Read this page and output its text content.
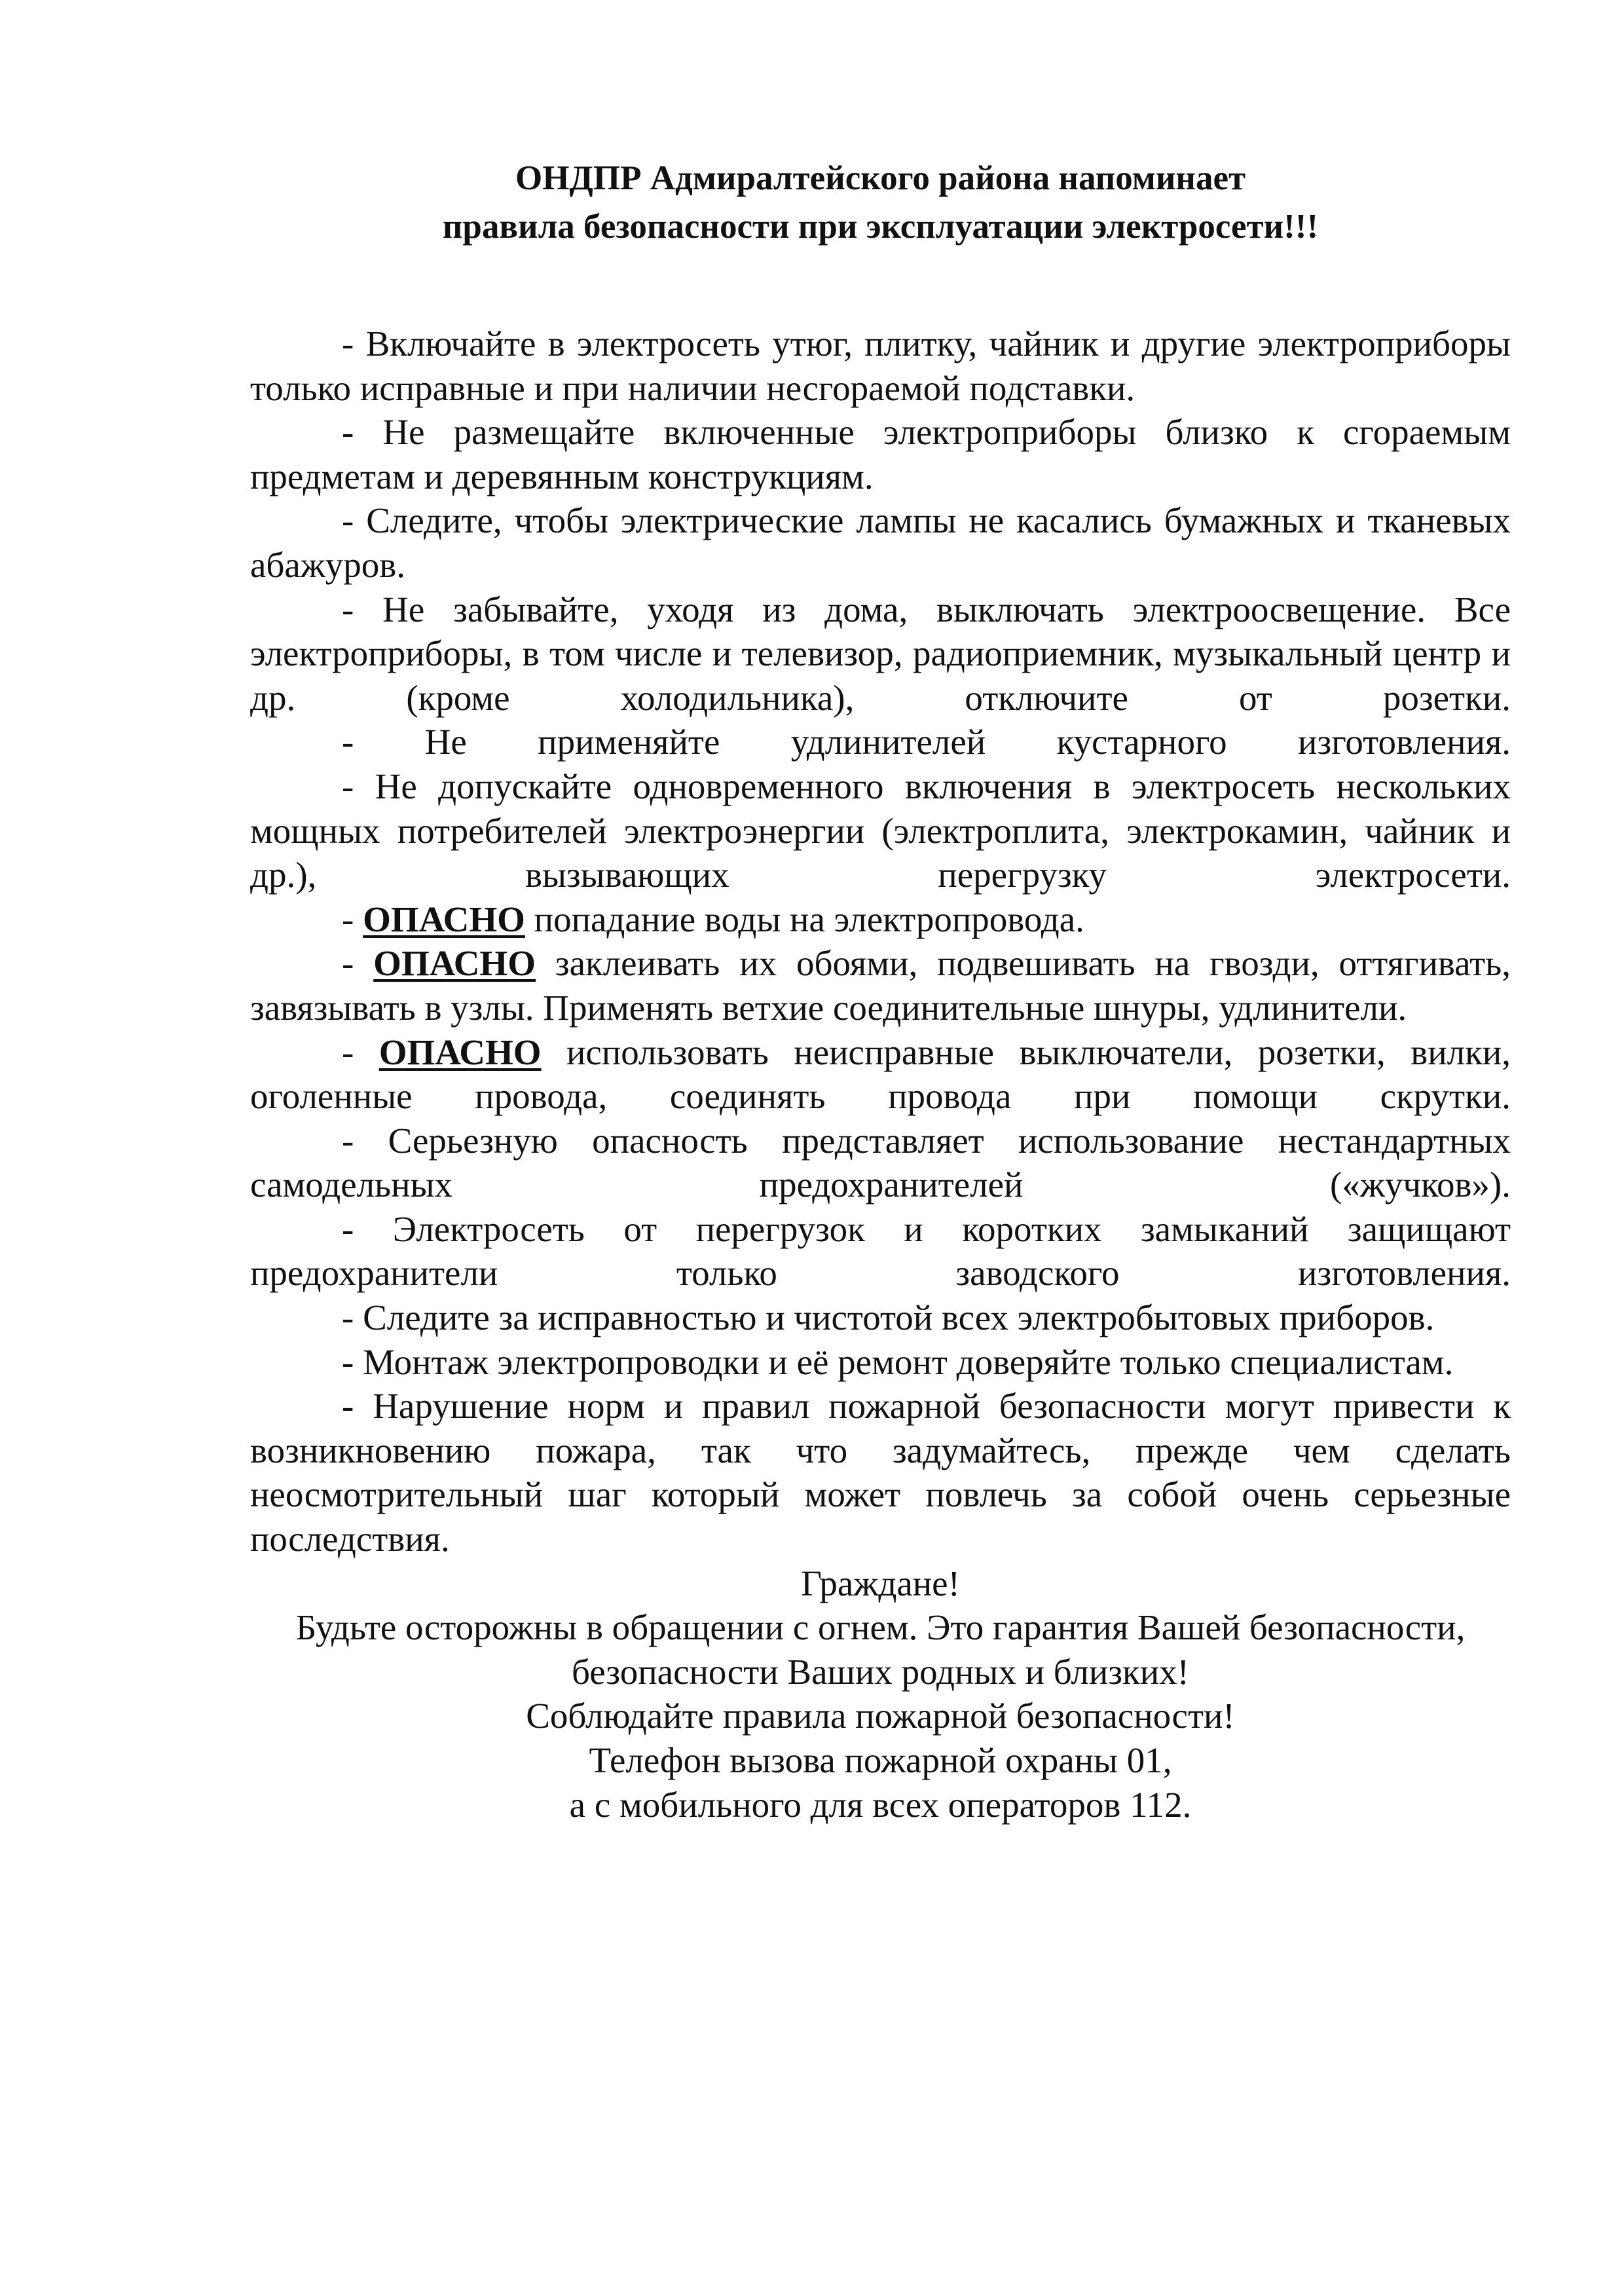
ОНДПР Адмиралтейского района напоминает
правила безопасности при эксплуатации электросети!!!

- Включайте в электросеть утюг, плитку, чайник и другие электроприборы только исправные и при наличии несгораемой подставки.

- Не размещайте включенные электроприборы близко к сгораемым предметам и деревянным конструкциям.

- Следите, чтобы электрические лампы не касались бумажных и тканевых абажуров.

- Не забывайте, уходя из дома, выключать электроосвещение. Все электроприборы, в том числе и телевизор, радиоприемник, музыкальный центр и др. (кроме холодильника), отключите от розетки.

- Не применяйте удлинителей кустарного изготовления.

- Не допускайте одновременного включения в электросеть нескольких мощных потребителей электроэнергии (электроплита, электрокамин, чайник и др.), вызывающих перегрузку электросети.

- ОПАСНО попадание воды на электропровода.

- ОПАСНО заклеивать их обоями, подвешивать на гвозди, оттягивать, завязывать в узлы. Применять ветхие соединительные шнуры, удлинители.

- ОПАСНО использовать неисправные выключатели, розетки, вилки, оголенные провода, соединять провода при помощи скрутки.

- Серьезную опасность представляет использование нестандартных самодельных предохранителей («жучков»).

- Электросеть от перегрузок и коротких замыканий защищают предохранители только заводского изготовления.

- Следите за исправностью и чистотой всех электробытовых приборов.

- Монтаж электропроводки и её ремонт доверяйте только специалистам.

- Нарушение норм и правил пожарной безопасности могут привести к возникновению пожара, так что задумайтесь, прежде чем сделать неосмотрительный шаг который может повлечь за собой очень серьезные последствия.

Граждане!
Будьте осторожны в обращении с огнем. Это гарантия Вашей безопасности,
безопасности Ваших родных и близких!
Соблюдайте правила пожарной безопасности!
Телефон вызова пожарной охраны 01,
а с мобильного для всех операторов 112.
